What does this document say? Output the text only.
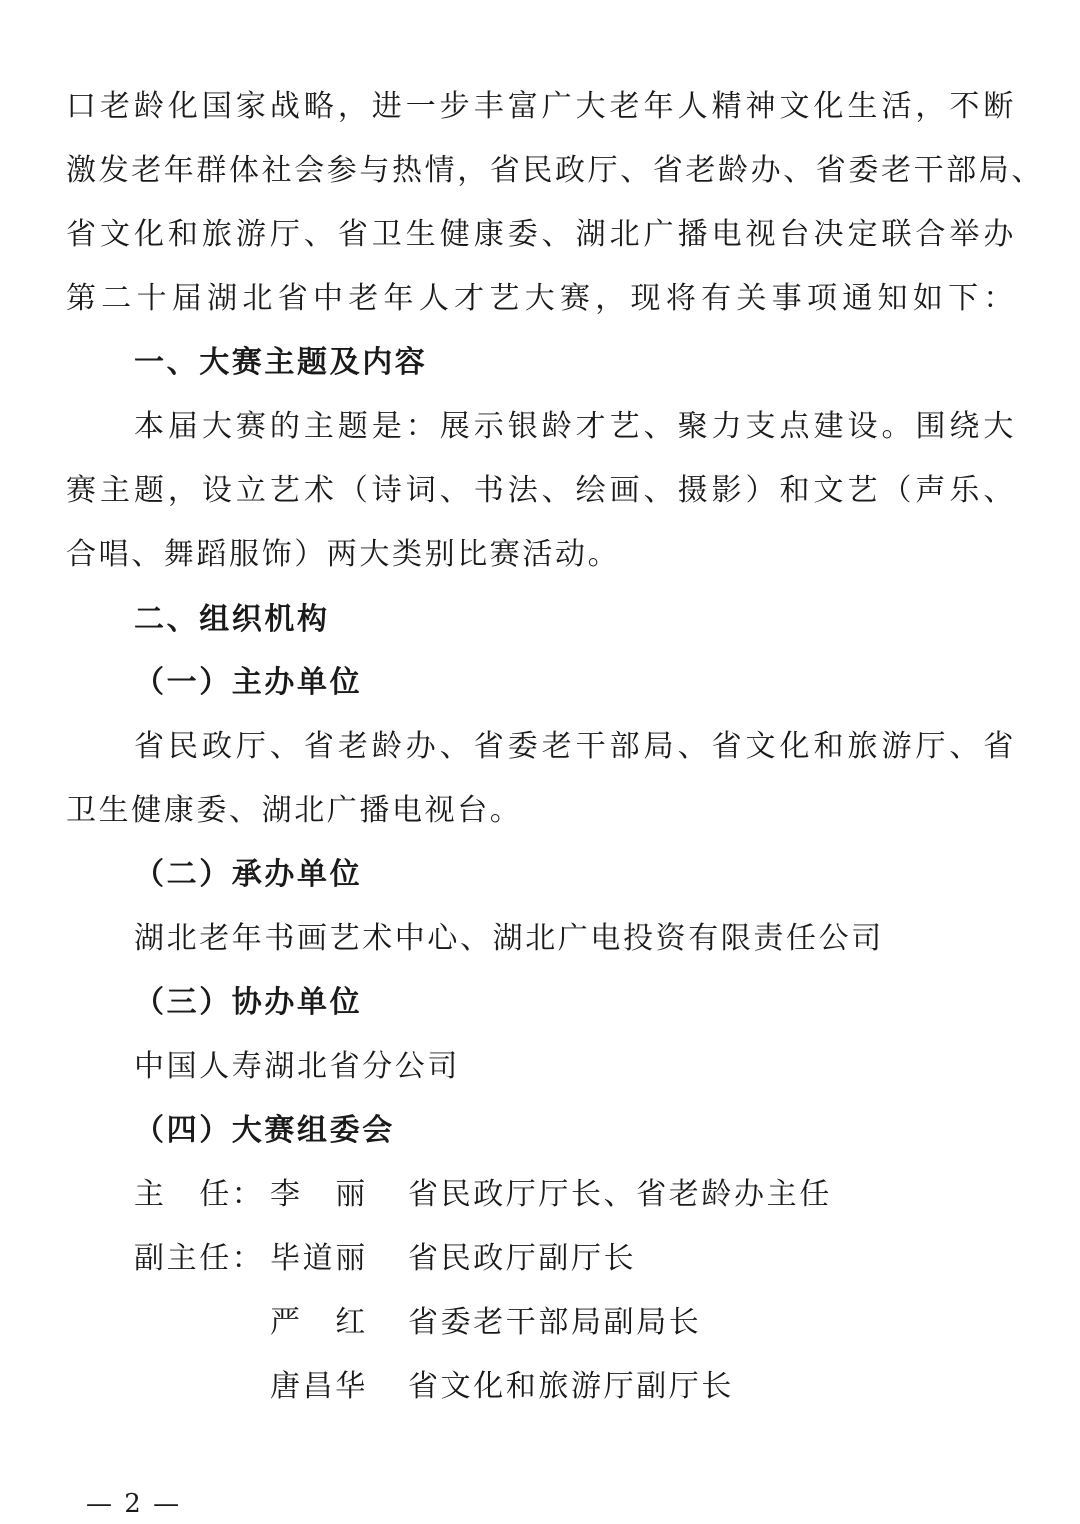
口老龄化国家战略，进一步丰富广大老年人精神文化生活，不断
激发老年群体社会参与热情，省民政厅、省老龄办、省委老干部局、
省文化和旅游厅、省卫生健康委、湖北广播电视台决定联合举办
第二十届湖北省中老年人才艺大赛，现将有关事项通知如下：
一、大赛主题及内容
本届大赛的主题是：展示银龄才艺、聚力支点建设。围绕大
赛主题，设立艺术（诗词、书法、绘画、摄影）和文艺（声乐、
合唱、舞蹈服饰）两大类别比赛活动。
二、组织机构
（一）主办单位
省民政厅、省老龄办、省委老干部局、省文化和旅游厅、省
卫生健康委、湖北广播电视台。
（二）承办单位
湖北老年书画艺术中心、湖北广电投资有限责任公司
（三）协办单位
中国人寿湖北省分公司
（四）大赛组委会
主　任： 李　丽 省民政厅厅长、省老龄办主任
副主任： 毕道丽 省民政厅副厅长
严　红 省委老干部局副局长
唐昌华 省文化和旅游厅副厅长
— 2 —
